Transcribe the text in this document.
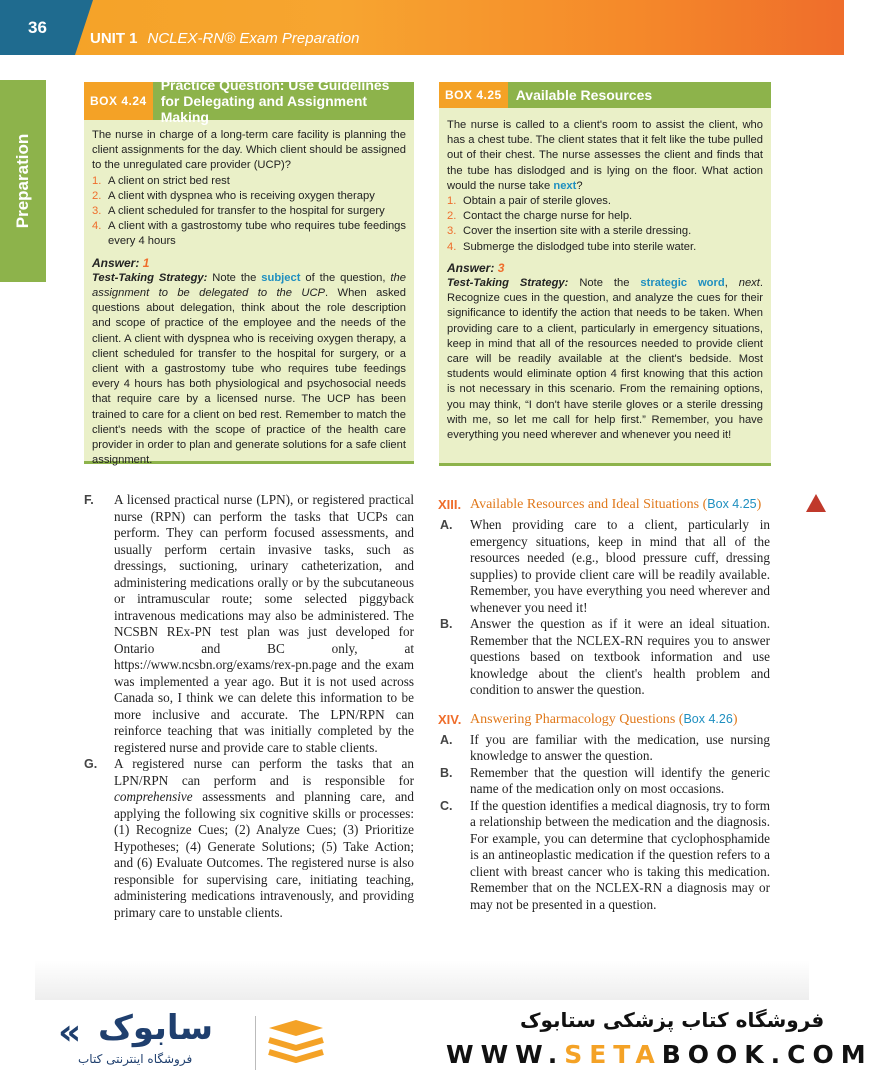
36
UNIT 1 NCLEX-RN® Exam Preparation
Preparation
BOX 4.24
Practice Question: Use Guidelines for Delegating and Assignment Making

The nurse in charge of a long-term care facility is planning the client assignments for the day. Which client should be assigned to the unregulated care provider (UCP)?

1. A client on strict bed rest
2. A client with dyspnea who is receiving oxygen therapy
3. A client scheduled for transfer to the hospital for surgery
4. A client with a gastrostomy tube who requires tube feedings every 4 hours
Answer: 1

Test-Taking Strategy: Note the subject of the question, the assignment to be delegated to the UCP. When asked questions about delegation, think about the role description and scope of practice of the employee and the needs of the client. A client with dyspnea who is receiving oxygen therapy, a client scheduled for transfer to the hospital for surgery, or a client with a gastrostomy tube who requires tube feedings every 4 hours has both physiological and psychosocial needs that require care by a licensed nurse. The UCP has been trained to care for a client on bed rest. Remember to match the client's needs with the scope of practice of the health care provider in order to plan and generate solutions for a safe client assignment.

BOX 4.25	Available Resources

The nurse is called to a client's room to assist the client, who has a chest tube. The client states that it felt like the tube pulled out of their chest. The nurse assesses the client and finds that the tube has dislodged and is lying on the floor. What action would the nurse take next?

1. Obtain a pair of sterile gloves.
2. Contact the charge nurse for help.
3. Cover the insertion site with a sterile dressing.
4. Submerge the dislodged tube into sterile water.
Answer: 3

Test-Taking Strategy: Note the strategic word, next. Recognize cues in the question, and analyze the cues for their significance to identify the action that needs to be taken. When providing care to a client, particularly in emergency situations, keep in mind that all of the resources needed to provide client care will be readily available at the client's bedside. Most students would eliminate option 4 first knowing that this action is not necessary in this scenario. From the remaining options, you may think, “I don't have sterile gloves or a sterile dressing with me, so let me call for help first.” Remember, you have everything you need wherever and whenever you need it!

F. A licensed practical nurse (LPN), or registered practical nurse (RPN) can perform the tasks that UCPs can perform. They can perform focused assessments, and usually perform certain invasive tasks, such as dressings, suctioning, urinary catheterization, and administering medications orally or by the subcutaneous or intramuscular route; some selected piggyback intravenous medications may also be administered. The NCSBN REx-PN test plan was just developed for Ontario and BC only, at https://www.ncsbn.org/exams/rex-pn.page and the exam was implemented a year ago. But it is not used across Canada so, I think we can delete this information to be more inclusive and accurate. The LPN/RPN can reinforce teaching that was initially completed by the registered nurse and provide care to stable clients.

G. A registered nurse can perform the tasks that an LPN/RPN can perform and is responsible for comprehensive assessments and planning care, and applying the following six cognitive skills or processes: (1) Recognize Cues; (2) Analyze Cues; (3) Prioritize Hypotheses; (4) Generate Solutions; (5) Take Action; and (6) Evaluate Outcomes. The registered nurse is also responsible for supervising care, initiating teaching, administering medications intravenously, and providing primary care to unstable clients.

XIII. Available Resources and Ideal Situations (Box 4.25)
A. When providing care to a client, particularly in emergency situations, keep in mind that all of the resources needed (e.g., blood pressure cuff, dressing supplies) to provide client care will be readily available. Remember, you have everything you need wherever and whenever you need it!

B. Answer the question as if it were an ideal situation. Remember that the NCLEX-RN requires you to answer questions based on textbook information and use knowledge about the client's health problem and condition to answer the question.

XIV. Answering Pharmacology Questions (Box 4.26)
A. If you are familiar with the medication, use nursing knowledge to answer the question.

B. Remember that the question will identify the generic name of the medication only on most occasions.

C. If the question identifies a medical diagnosis, try to form a relationship between the medication and the diagnosis. For example, you can determine that cyclophosphamide is an antineoplastic medication if the question refers to a client with breast cancer who is taking this medication. Remember that on the NCLEX-RN a diagnosis may or may not be presented in a question.

« سابوک
فروشگاه اینترنتی کتاب
فروشگاه کتاب پزشکی ستابوک
WWW.SETABOOK.COM
